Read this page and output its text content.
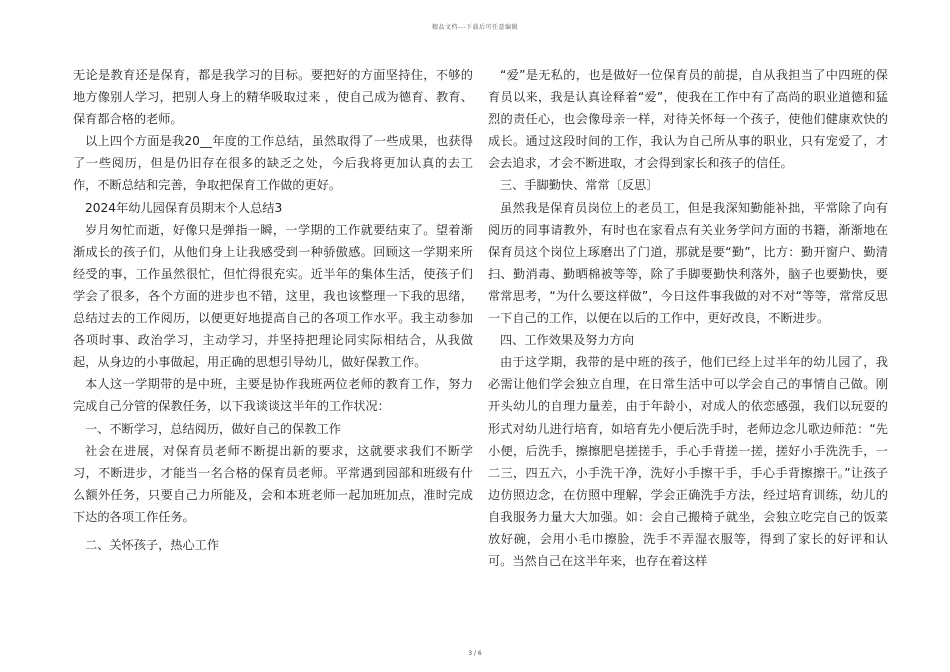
精品文档---下载后可任意编辑

无论是教育还是保育，都是我学习的目标。要把好的方面坚持住，不够的地方像别人学习，把别人身上的精华吸取过来 ，使自己成为德育、教育、保育都合格的老师。

以上四个方面是我20__年度的工作总结，虽然取得了一些成果，也获得了一些阅历，但是仍旧存在很多的缺乏之处，今后我将更加认真的去工作，不断总结和完善，争取把保育工作做的更好。

2024年幼儿园保育员期末个人总结3

岁月匆忙而逝，好像只是弹指一瞬，一学期的工作就要结束了。望着渐渐成长的孩子们，从他们身上让我感受到一种骄傲感。回顾这一学期来所经受的事，工作虽然很忙，但忙得很充实。近半年的集体生活，使孩子们学会了很多，各个方面的进步也不错，这里，我也该整理一下我的思绪，总结过去的工作阅历，以便更好地提高自己的各项工作水平。我主动参加各项时事、政治学习，主动学习，并坚持把理论同实际相结合，从我做起，从身边的小事做起，用正确的思想引导幼儿，做好保教工作。

本人这一学期带的是中班，主要是协作我班两位老师的教育工作，努力完成自己分管的保教任务，以下我谈谈这半年的工作状况：

一、不断学习，总结阅历，做好自己的保教工作

社会在进展，对保育员老师不断提出新的要求，这就要求我们不断学习，不断进步，才能当一名合格的保育员老师。平常遇到园部和班级有什么额外任务，只要自己力所能及，会和本班老师一起加班加点，准时完成下达的各项工作任务。

二、关怀孩子，热心工作

“爱”是无私的，也是做好一位保育员的前提，自从我担当了中四班的保育员以来，我是认真诠释着“爱”，使我在工作中有了高尚的职业道德和猛烈的责任心，也会像母亲一样，对待关怀每一个孩子，使他们健康欢快的成长。通过这段时间的工作，我认为自己所从事的职业，只有宠爱了，才会去追求，才会不断进取，才会得到家长和孩子的信任。

三、手脚勤快、常常〔反思〕

虽然我是保育员岗位上的老员工，但是我深知勤能补拙，平常除了向有阅历的同事请教外，有时也在家看点有关业务学问方面的书籍，渐渐地在保育员这个岗位上琢磨出了门道，那就是要“勤”，比方：勤开窗户、勤清扫、勤消毒、勤晒棉被等等，除了手脚要勤快利落外，脑子也要勤快，要常常思考，“为什么要这样做”，今日这件事我做的对不对“等等，常常反思一下自己的工作，以便在以后的工作中，更好改良，不断进步。

四、工作效果及努力方向

由于这学期，我带的是中班的孩子，他们已经上过半年的幼儿园了，我必需让他们学会独立自理，在日常生活中可以学会自己的事情自己做。刚开头幼儿的自理力量差，由于年龄小，对成人的依恋感强，我们以玩耍的形式对幼儿进行培育，如培育先小便后洗手时，老师边念儿歌边师范：“先小便，后洗手，擦擦肥皂搓搓手，手心手背搓一搓，搓好小手洗洗手，一二三，四五六，小手洗干净，洗好小手擦干手，手心手背擦擦干。”让孩子边仿照边念，在仿照中理解，学会正确洗手方法，经过培育训练，幼儿的自我服务力量大大加强。如：会自己搬椅子就坐，会独立吃完自己的饭菜放好碗，会用小毛巾擦脸，洗手不弄湿衣服等，得到了家长的好评和认可。当然自己在这半年来，也存在着这样

3 / 6
